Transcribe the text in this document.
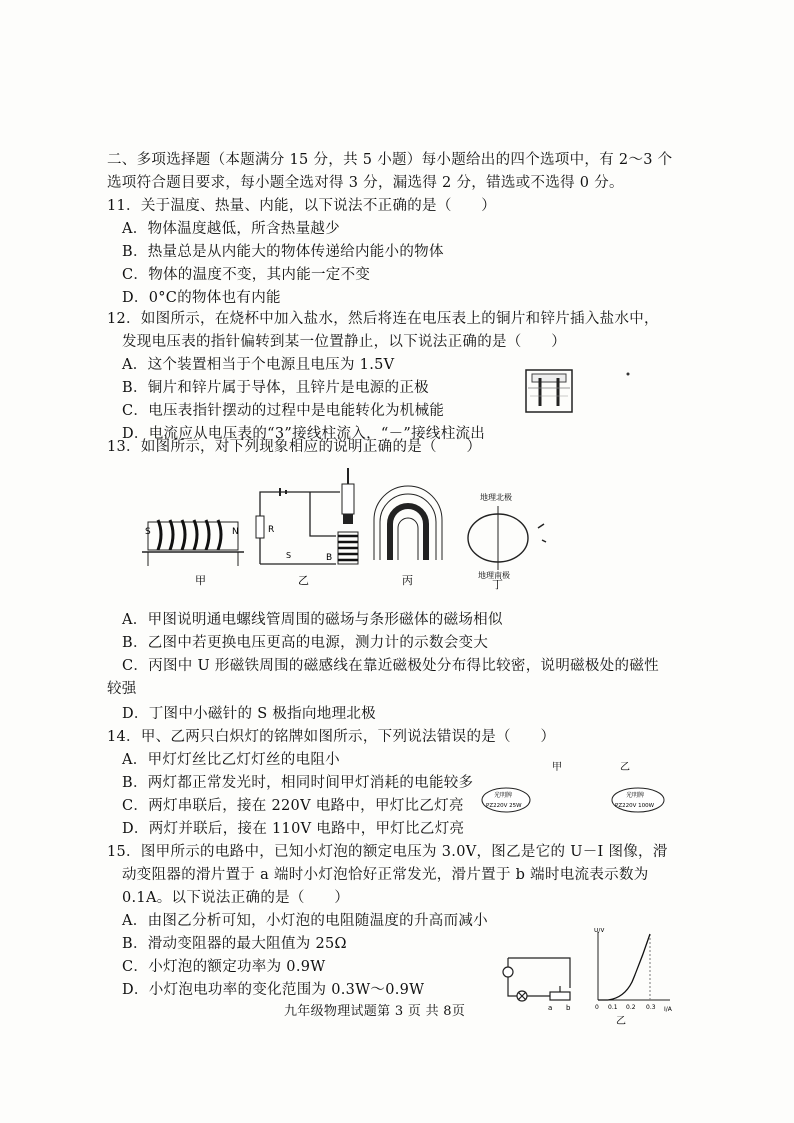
二、多项选择题（本题满分 15 分，共 5 小题）每小题给出的四个选项中，有 2～3 个
选项符合题目要求，每小题全选对得 3 分，漏选得 2 分，错选或不选得 0 分。
11．关于温度、热量、内能，以下说法不正确的是（　　）
A．物体温度越低，所含热量越少
B．热量总是从内能大的物体传递给内能小的物体
C．物体的温度不变，其内能一定不变
D．0°C的物体也有内能
12．如图所示，在烧杯中加入盐水，然后将连在电压表上的铜片和锌片插入盐水中，
发现电压表的指针偏转到某一位置静止，以下说法正确的是（　　）
A．这个装置相当于个电源且电压为 1.5V
B．铜片和锌片属于导体，且锌片是电源的正极
C．电压表指针摆动的过程中是电能转化为机械能
D．电流应从电压表的“3”接线柱流入，“－”接线柱流出
13．如图所示，对下列现象相应的说明正确的是（　　）
S	N
甲
R
B
S
乙	丙
地理北极
地理南极
丁
A．甲图说明通电螺线管周围的磁场与条形磁体的磁场相似
B．乙图中若更换电压更高的电源，测力计的示数会变大
C．丙图中 U 形磁铁周围的磁感线在靠近磁极处分布得比较密，说明磁极处的磁性
较强
D．丁图中小磁针的 S 极指向地理北极
14．甲、乙两只白炽灯的铭牌如图所示，下列说法错误的是（　　）
A．甲灯灯丝比乙灯灯丝的电阻小
B．两灯都正常发光时，相同时间甲灯消耗的电能较多
C．两灯串联后，接在 220V 电路中，甲灯比乙灯亮
D．两灯并联后，接在 110V 电路中，甲灯比乙灯亮
甲	乙
光明牌
PZ220V 25W
光明牌
PZ220V 100W
15．图甲所示的电路中，已知小灯泡的额定电压为 3.0V，图乙是它的 U－I 图像，滑
动变阻器的滑片置于 a 端时小灯泡恰好正常发光，滑片置于 b 端时电流表示数为
0.1A。以下说法正确的是（　　）
A．由图乙分析可知，小灯泡的电阻随温度的升高而减小
B．滑动变阻器的最大阻值为 25Ω
C．小灯泡的额定功率为 0.9W
D．小灯泡电功率的变化范围为 0.3W～0.9W
a b
U/V
I/A
0 0.1 0.2 0.3
乙
九年级物理试题第 3 页 共 8页
